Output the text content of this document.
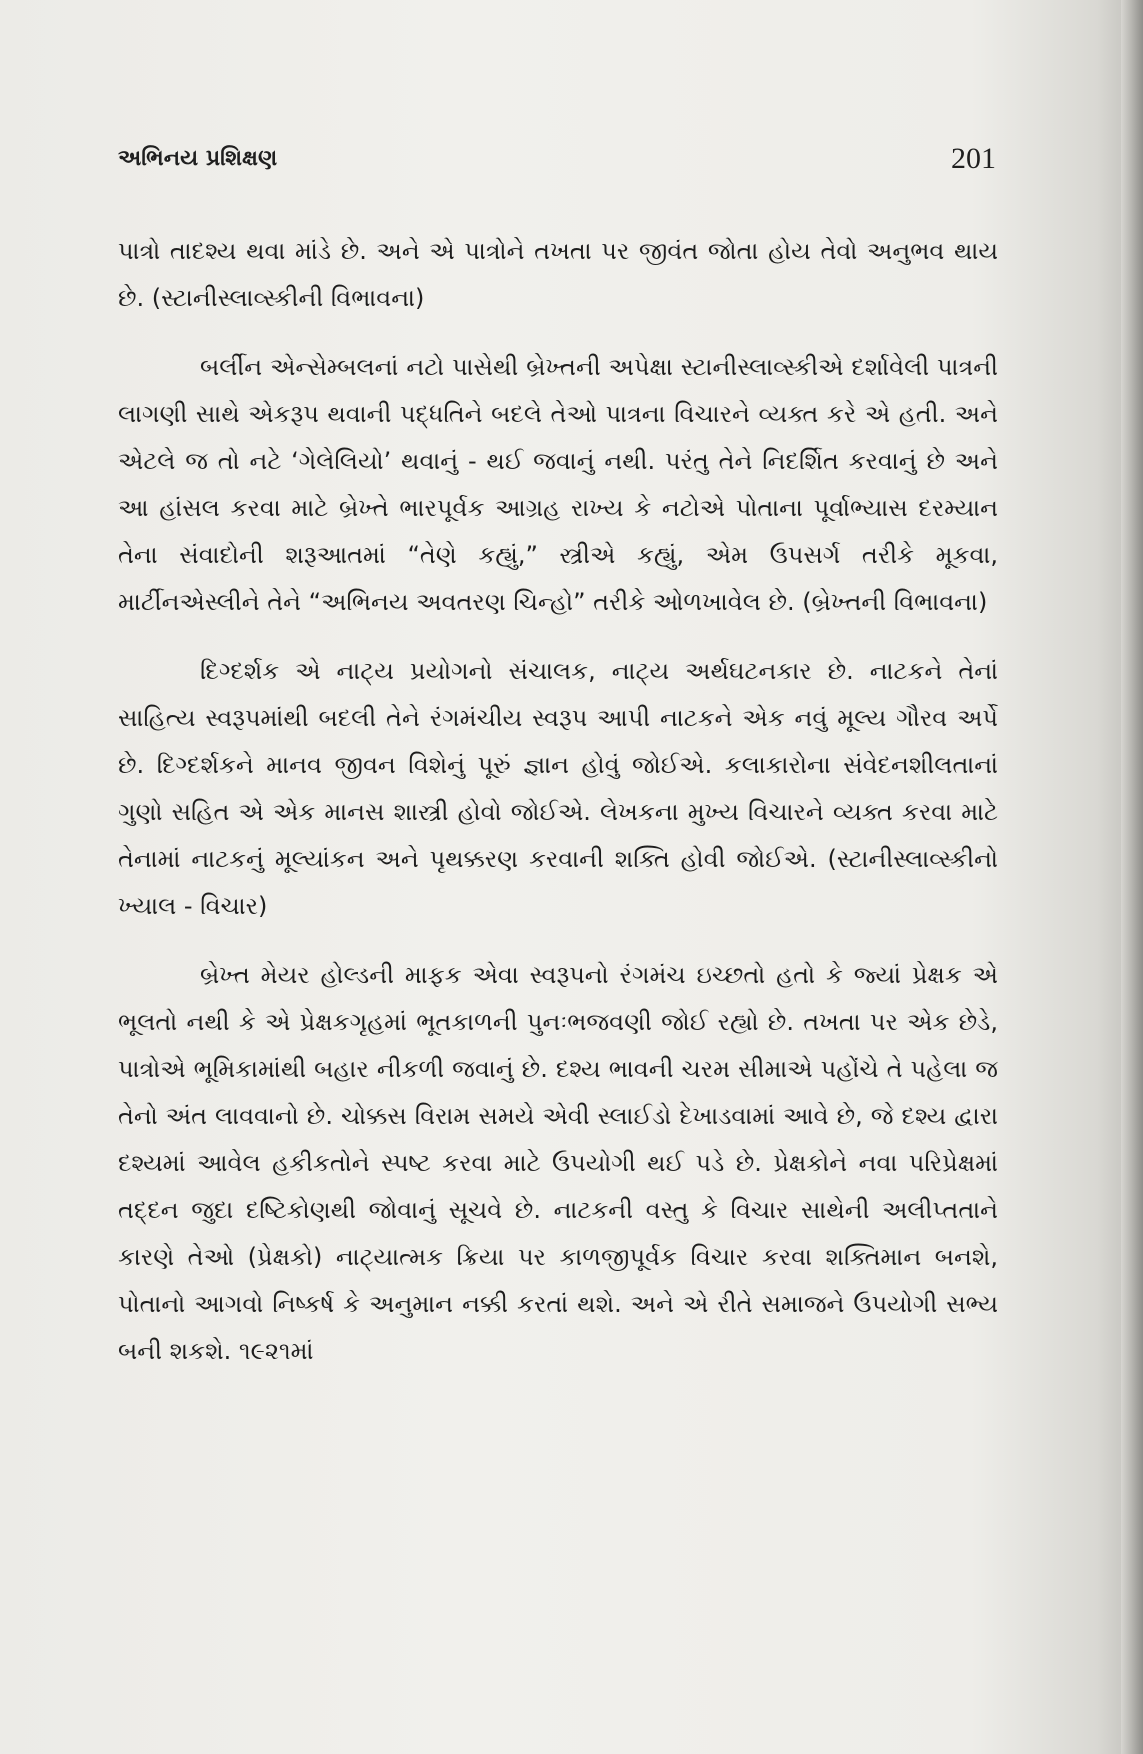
અભિનય પ્રશિક્ષણ	201

પાત્રો તાદશ્ય થવા માંડે છે. અને એ પાત્રોને તખતા પર જીવંત જોતા હોય તેવો અનુભવ થાય છે. (સ્ટાનીસ્લાવ્સ્કીની વિભાવના)

બર્લીન એન્સેમ્બલનાં નટો પાસેથી બ્રેખ્તની અપેક્ષા સ્ટાનીસ્લાવ્સ્કીએ દર્શાવેલી પાત્રની લાગણી સાથે એકરૂપ થવાની પદ્ધતિને બદલે તેઓ પાત્રના વિચારને વ્યક્ત કરે એ હતી. અને એટલે જ તો નટે ‘ગેલેલિયો’ થવાનું - થઈ જવાનું નથી. પરંતુ તેને નિદર્શિત કરવાનું છે અને આ હાંસલ કરવા માટે બ્રેખ્તે ભારપૂર્વક આગ્રહ રાખ્ય કે નટોએ પોતાના પૂર્વાભ્યાસ દરમ્યાન તેના સંવાદોની શરૂઆતમાં “તેણે કહ્યું,” સ્ત્રીએ કહ્યું, એમ ઉપસર્ગ તરીકે મૂકવા, માર્ટીનએસ્લીને તેને “અભિનય અવતરણ ચિન્હો” તરીકે ઓળખાવેલ છે. (બ્રેખ્તની વિભાવના)

દિગ્દર્શક એ નાટ્ય પ્રયોગનો સંચાલક, નાટ્ય અર્થઘટનકાર છે. નાટકને તેનાં સાહિત્ય સ્વરૂપમાંથી બદલી તેને રંગમંચીય સ્વરૂપ આપી નાટકને એક નવું મૂલ્ય ગૌરવ અર્પે છે. દિગ્દર્શકને માનવ જીવન વિશેનું પૂરું જ્ઞાન હોવું જોઈએ. કલાકારોના સંવેદનશીલતાનાં ગુણો સહિત એ એક માનસ શાસ્ત્રી હોવો જોઈએ. લેખકના મુખ્ય વિચારને વ્યક્ત કરવા માટે તેનામાં નાટકનું મૂલ્યાંકન અને પૃથક્કરણ કરવાની શક્તિ હોવી જોઈએ. (સ્ટાનીસ્લાવ્સ્કીનો ખ્યાલ - વિચાર)

બ્રેખ્ત મેયર હોલ્ડની માફક એવા સ્વરૂપનો રંગમંચ ઇચ્છતો હતો કે જ્યાં પ્રેક્ષક એ ભૂલતો નથી કે એ પ્રેક્ષકગૃહમાં ભૂતકાળની પુનઃભજવણી જોઈ રહ્યો છે. તખતા પર એક છેડે, પાત્રોએ ભૂમિકામાંથી બહાર નીકળી જવાનું છે. દશ્ય ભાવની ચરમ સીમાએ પહોંચે તે પહેલા જ તેનો અંત લાવવાનો છે. ચોક્કસ વિરામ સમયે એવી સ્લાઈડો દેખાડવામાં આવે છે, જે દશ્ય દ્વારા દશ્યમાં આવેલ હકીકતોને સ્પષ્ટ કરવા માટે ઉપયોગી થઈ પડે છે. પ્રેક્ષકોને નવા પરિપ્રેક્ષમાં તદ્દન જુદા દષ્ટિકોણથી જોવાનું સૂચવે છે. નાટકની વસ્તુ કે વિચાર સાથેની અલીપ્તતાને કારણે તેઓ (પ્રેક્ષકો) નાટ્યાત્મક ક્રિયા પર કાળજીપૂર્વક વિચાર કરવા શક્તિમાન બનશે, પોતાનો આગવો નિષ્કર્ષ કે અનુમાન નક્કી કરતાં થશે. અને એ રીતે સમાજને ઉપયોગી સભ્ય બની શકશે. ૧૯૨૧માં
